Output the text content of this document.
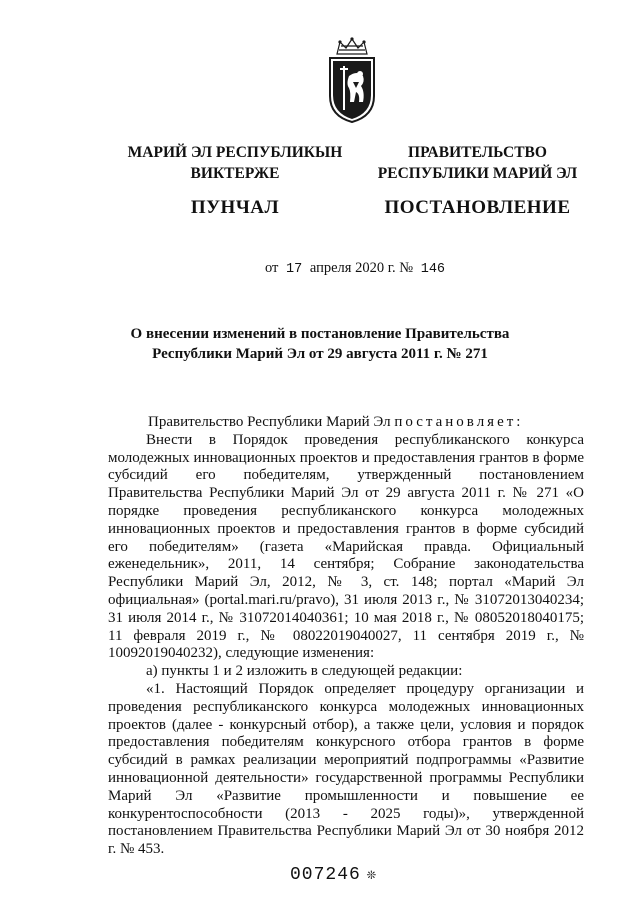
МАРИЙ ЭЛ РЕСПУБЛИКЫН
ВИКТЕРЖЕ
ПУНЧАЛ
ПРАВИТЕЛЬСТВО
РЕСПУБЛИКИ МАРИЙ ЭЛ
ПОСТАНОВЛЕНИЕ
от 17 апреля 2020 г. № 146
О внесении изменений в постановление Правительства
Республики Марий Эл от 29 августа 2011 г. № 271

Правительство Республики Марий Эл постановляет:

Внести в Порядок проведения республиканского конкурса молодежных инновационных проектов и предоставления грантов в форме субсидий его победителям, утвержденный постановлением Правительства Республики Марий Эл от 29 августа 2011 г. № 271 «О порядке проведения республиканского конкурса молодежных инновационных проектов и предоставления грантов в форме субсидий его победителям» (газета «Марийская правда. Официальный еженедельник», 2011, 14 сентября; Собрание законодательства Республики Марий Эл, 2012, № 3, ст. 148; портал «Марий Эл официальная» (portal.mari.ru/pravo), 31 июля 2013 г., № 31072013040234; 31 июля 2014 г., № 31072014040361; 10 мая 2018 г., № 08052018040175; 11 февраля 2019 г., № 08022019040027, 11 сентября 2019 г., № 10092019040232), следующие изменения:

а) пункты 1 и 2 изложить в следующей редакции:

«1. Настоящий Порядок определяет процедуру организации и проведения республиканского конкурса молодежных инновационных проектов (далее - конкурсный отбор), а также цели, условия и порядок предоставления победителям конкурсного отбора грантов в форме субсидий в рамках реализации мероприятий подпрограммы «Развитие инновационной деятельности» государственной программы Республики Марий Эл «Развитие промышленности и повышение ее конкурентоспособности (2013 - 2025 годы)», утвержденной постановлением Правительства Республики Марий Эл от 30 ноября 2012 г. № 453.

007246 ❊
